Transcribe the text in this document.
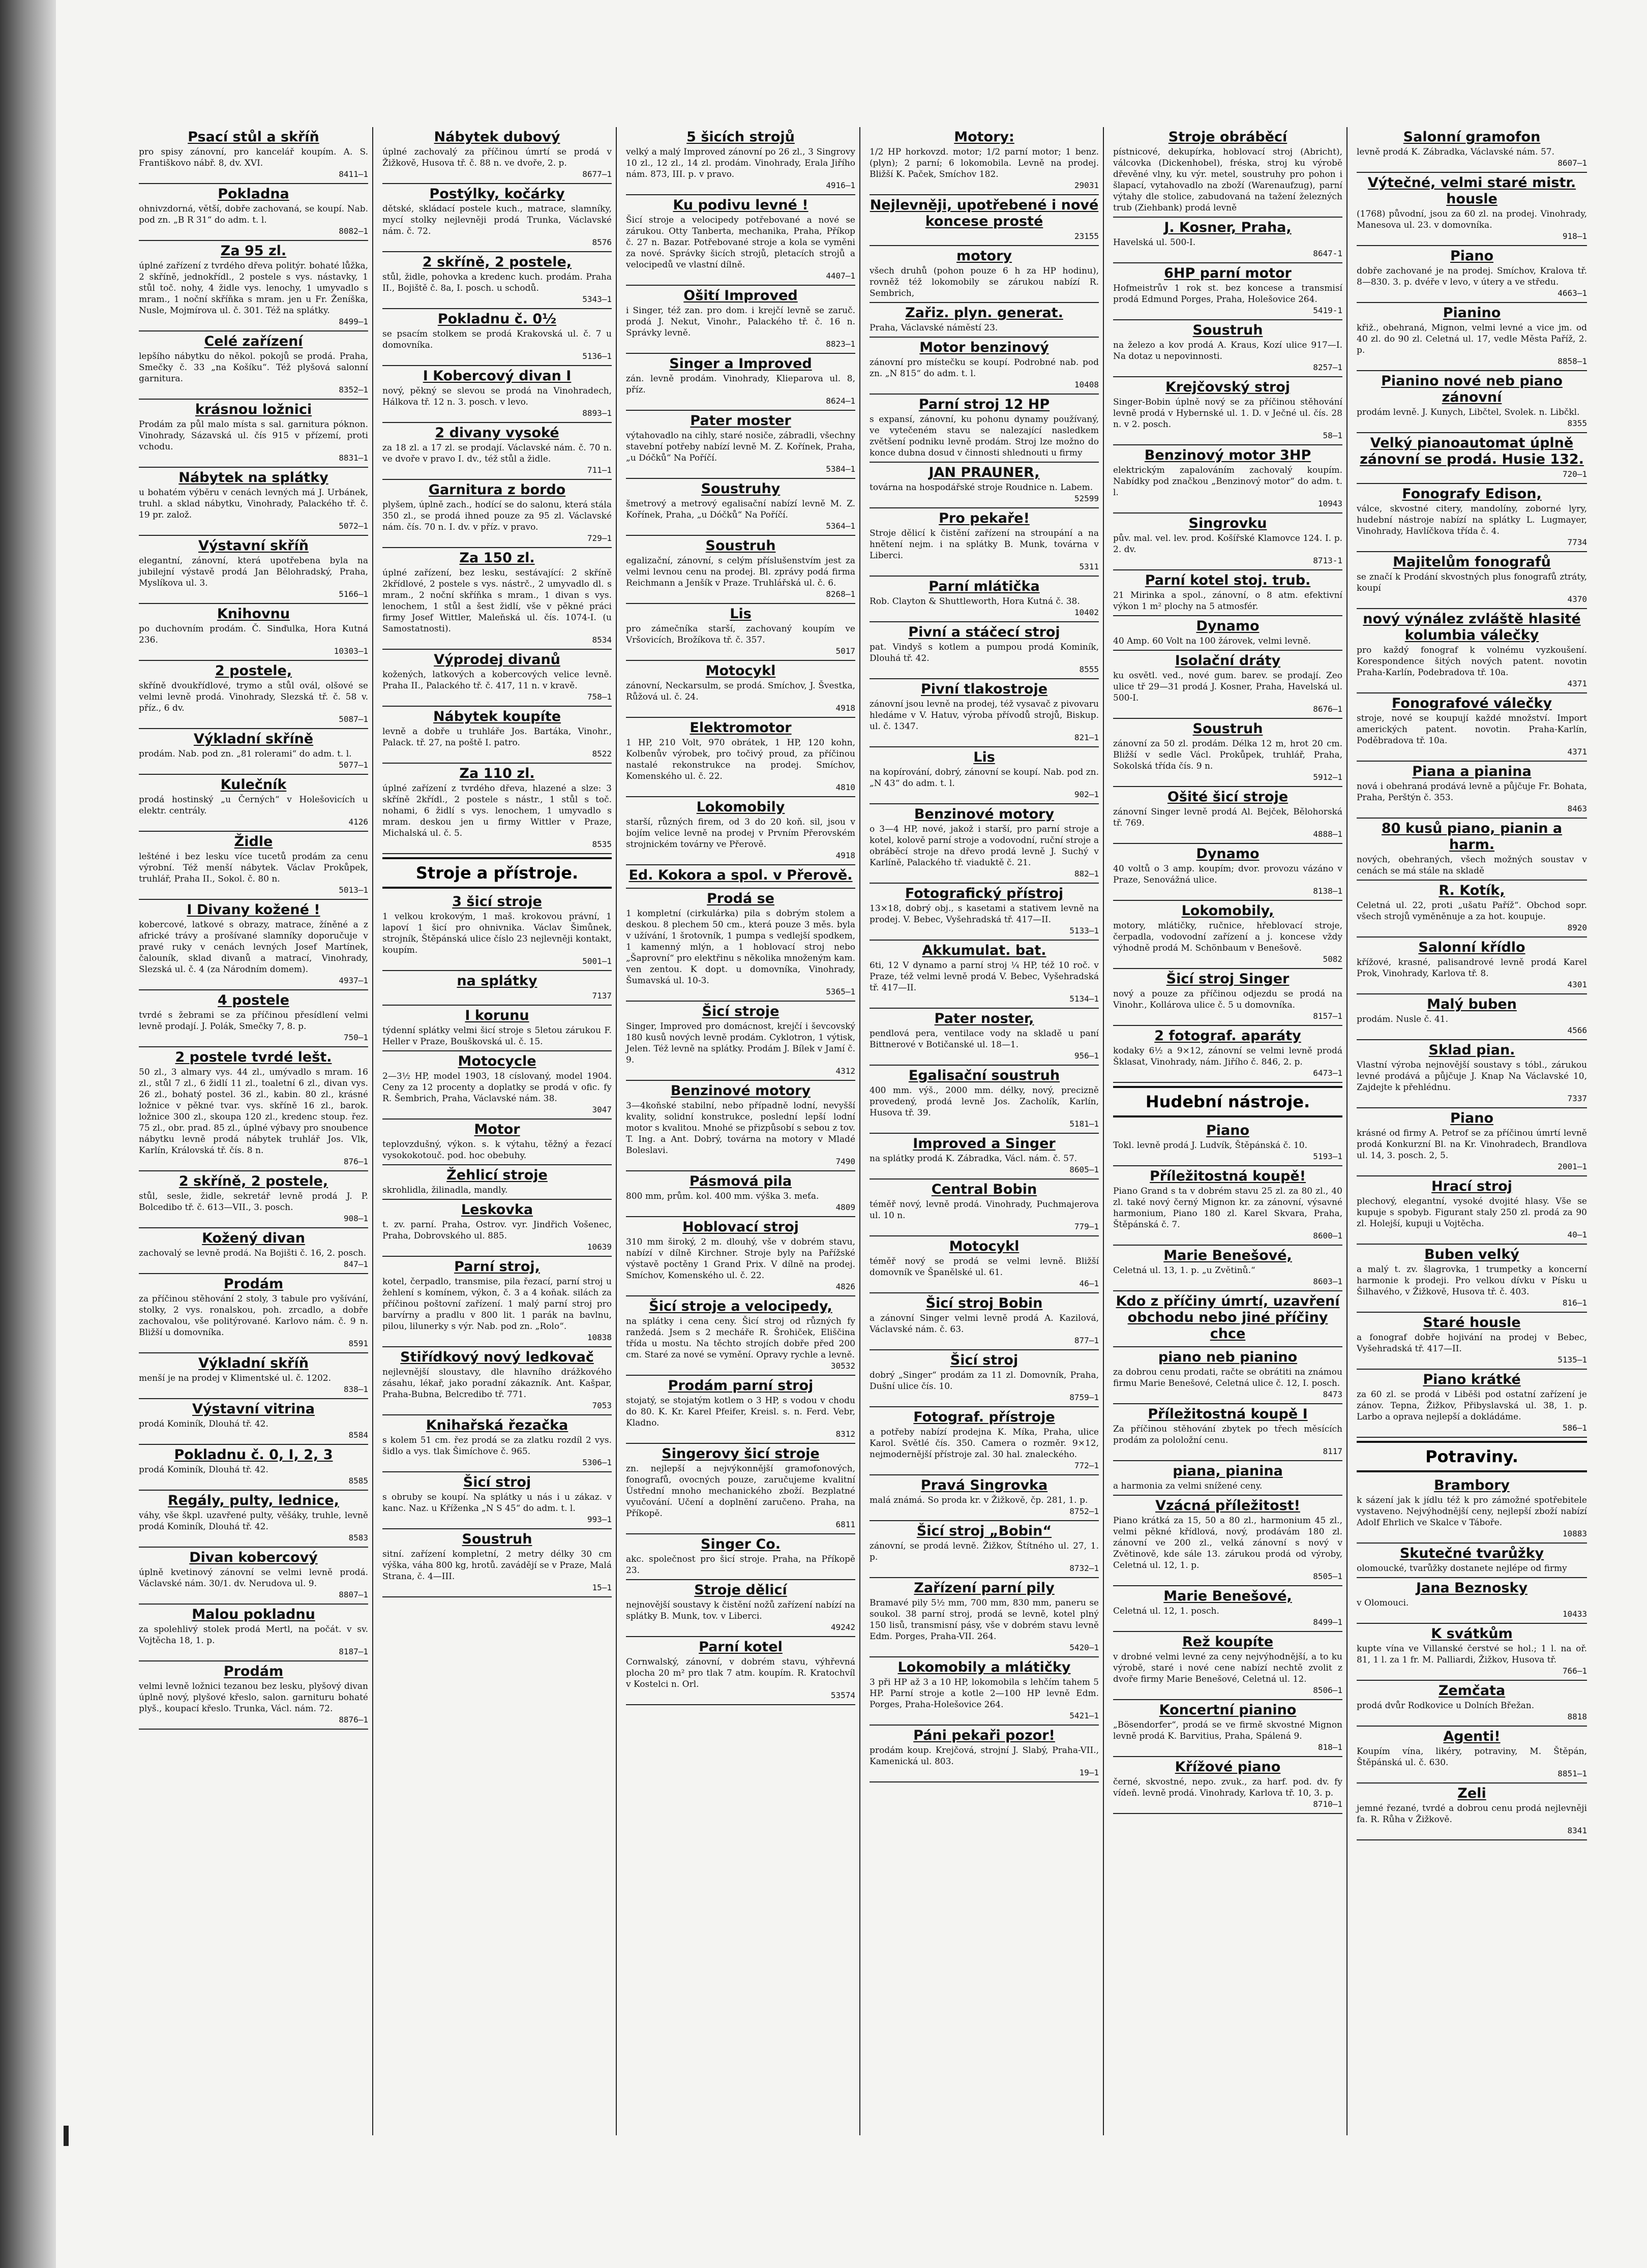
Psací stůl a skříň
pro spisy zánovní, pro kancelář koupím. A. S. Františkovo nábř. 8, dv. XVI.
8411—1
Pokladna
ohnivzdorná, větší, dobře zachovaná, se koupí. Nab. pod zn. „B R 31“ do adm. t. l.
8082—1
Za 95 zl.
úplné zařízení z tvrdého dřeva politýr. bohaté lůžka, 2 skříně, jednokřídl., 2 postele s vys. nástavky, 1 stůl toč. nohy, 4 židle vys. lenochy, 1 umyvadlo s mram., 1 noční skříňka s mram. jen u Fr. Ženíška, Nusle, Mojmírova ul. č. 301. Též na splátky.
8499—1
Celé zařízení
lepšího nábytku do někol. pokojů se prodá. Praha, Smečky č. 33 „na Košíku“. Též plyšová salonní garnitura.
8352—1
krásnou ložnici
Prodám za půl malo místa s sal. garnitura póknon. Vinohrady, Sázavská ul. čís 915 v přízemí, proti vchodu.
8831—1
Nábytek na splátky
u bohatém výběru v cenách levných má J. Urbánek, truhl. a sklad nábytku, Vinohrady, Palackého tř. č. 19 pr. založ.
5072—1
Výstavní skříň
elegantní, zánovní, která upotřebena byla na jubilejní výstavě prodá Jan Bělohradský, Praha, Myslíkova ul. 3.
5166—1
Knihovnu
po duchovním prodám. Č. Sinďulka, Hora Kutná 236.
10303—1
2 postele,
skříně dvoukřídlové, trymo a stůl ovál, olšové se velmi levně prodá. Vinohrady, Slezská tř. č. 58 v. příz., 6 dv.
5087—1
Výkladní skříně
prodám. Nab. pod zn. „81 rolerami“ do adm. t. l.
5077—1
Kulečník
prodá hostinský „u Černých“ v Holešovicích u elektr. centrály.
4126
Židle
lešténé i bez lesku více tucetů prodám za cenu výrobní. Též menší nábytek. Václav Prokůpek, truhlář, Praha II., Sokol. č. 80 n.
5013—1
I Divany kožené !
kobercové, latkové s obrazy, matrace, žíněné a z africké trávy a prošívané slamníky doporučuje v pravé ruky v cenách levných Josef Martínek, čalouník, sklad divanů a matrací, Vinohrady, Slezská ul. č. 4 (za Národním domem).
4937—1
4 postele
tvrdé s žebrami se za příčinou přesídlení velmi levně prodají. J. Polák, Smečky 7, 8. p.
750—1
2 postele tvrdé lešt.
50 zl., 3 almary vys. 44 zl., umývadlo s mram. 16 zl., stůl 7 zl., 6 židlí 11 zl., toaletní 6 zl., divan vys. 26 zl., bohatý postel. 36 zl., kabin. 80 zl., krásné ložnice v pěkné tvar. vys. skříně 16 zl., barok. ložnice 300 zl., skoupa 120 zl., kredenc stoup. řez. 75 zl., obr. prad. 85 zl., úplné výbavy pro snoubence nábytku levně prodá nábytek truhlář Jos. Vlk, Karlín, Královská tř. čís. 8 n.
876—1
2 skříně, 2 postele,
stůl, sesle, židle, sekretář levně prodá J. P. Bolcedibo tř. č. 613—VII., 3. posch.
908—1
Kožený divan
zachovalý se levně prodá. Na Bojišti č. 16, 2. posch.
847—1
Prodám
za příčinou stěhování 2 stoly, 3 tabule pro vyšívání, stolky, 2 vys. ronalskou, poh. zrcadlo, a dobře zachovalou, vše politýrované. Karlovo nám. č. 9 n. Bližší u domovníka.
8591
Výkladní skříň
menší je na prodej v Klimentské ul. č. 1202.
838—1
Výstavní vitrina
prodá Kominík, Dlouhá tř. 42.
8584
Pokladnu č. 0, I, 2, 3
prodá Kominík, Dlouhá tř. 42.
8585
Regály, pulty, lednice,
váhy, vše škpl. uzavřené pulty, věšáky, truhle, levně prodá Kominík, Dlouhá tř. 42.
8583
Divan kobercový
úplně kvetinový zánovní se velmi levně prodá. Václavské nám. 30/1. dv. Nerudova ul. 9.
8807—1
Malou pokladnu
za spolehlivý stolek prodá Mertl, na počát. v sv. Vojtěcha 18, 1. p.
8187—1
Prodám
velmi levně ložnici tezanou bez lesku, plyšový divan úplně nový, plyšové křeslo, salon. garnituru bohaté plyš., koupací křeslo. Trunka, Václ. nám. 72.
8876—1
Nábytek dubový
úplné zachovalý za příčinou úmrtí se prodá v Žižkově, Husova tř. č. 88 n. ve dvoře, 2. p.
8677—1
Postýlky, kočárky
dětské, skládací postele kuch., matrace, slamníky, mycí stolky nejlevněji prodá Trunka, Václavské nám. č. 72.
8576
2 skříně, 2 postele,
stůl, židle, pohovka a kredenc kuch. prodám. Praha II., Bojiště č. 8a, I. posch. u schodů.
5343—1
Pokladnu č. 0½
se psacím stolkem se prodá Krakovská ul. č. 7 u domovníka.
5136—1
I Kobercový divan I
nový, pěkný se slevou se prodá na Vinohradech, Hálkova tř. 12 n. 3. posch. v levo.
8893—1
2 divany vysoké
za 18 zl. a 17 zl. se prodají. Václavské nám. č. 70 n. ve dvoře v pravo I. dv., též stůl a židle.
711—1
Garnitura z bordo
plyšem, úplně zach., hodící se do salonu, která stála 350 zl., se prodá ihned pouze za 95 zl. Václavské nám. čís. 70 n. I. dv. v příz. v pravo.
729—1
Za 150 zl.
úplné zařízení, bez lesku, sestávající: 2 skříně 2křídlové, 2 postele s vys. nástrč., 2 umyvadlo dl. s mram., 2 noční skříňka s mram., 1 divan s vys. lenochem, 1 stůl a šest židlí, vše v pěkné práci firmy Josef Wittler, Maleňská ul. čís. 1074-I. (u Samostatnosti).
8534
Výprodej divanů
kožených, latkových a kobercových velice levně. Praha II., Palackého tř. č. 417, 11 n. v kravě.
758—1
Nábytek koupíte
levně a dobře u truhláře Jos. Bartáka, Vinohr., Palack. tř. 27, na poště I. patro.
8522
Za 110 zl.
úplné zařízení z tvrdého dřeva, hlazené a slze: 3 skříně 2křídl., 2 postele s nástr., 1 stůl s toč. nohami, 6 židlí s vys. lenochem, 1 umyvadlo s mram. deskou jen u firmy Wittler v Praze, Michalská ul. č. 5.
8535
Stroje a přístroje.
3 šicí stroje
1 velkou krokovým, 1 maš. krokovou právní, 1 lapoví 1 šicí pro ohnivnika. Václav Šimůnek, strojník, Štěpánská ulice číslo 23 nejlevněji kontakt, koupím.
5001—1
na splátky
7137
I korunu
týdenní splátky velmi šicí stroje s 5letou zárukou F. Heller v Praze, Bouškovská ul. č. 15.
Motocycle
2—3½ HP, model 1903, 18 císlovaný, model 1904. Ceny za 12 procenty a doplatky se prodá v ofic. fy R. Šembrich, Praha, Václavské nám. 38.
3047
Motor
teplovzdušný, výkon. s. k výtahu, těžný a řezací vysokokotouč. pod. hoc obebuhy.
Žehlicí stroje
skrohlidla, žilinadla, mandly.
Leskovka
t. zv. parní. Praha, Ostrov. vyr. Jindřich Vošenec, Praha, Dobrovského ul. 885.
10639
Parní stroj,
kotel, čerpadlo, transmise, pila řezací, parní stroj u žehlení s komínem, výkon, č. 3 a 4 koňak. silách za příčinou poštovní zařízení. 1 malý parní stroj pro barvírny a pradlu v 800 lit. 1 parák na bavlnu, pilou, lilunerky s výr. Nab. pod zn. „Rolo“.
10838
Stiřídkový nový ledkovač
nejlevnější sloustavy, dle hlavního drážkového zásahu, lékař, jako poradní zákazník. Ant. Kašpar, Praha-Bubna, Belcredibo tř. 771.
7053
Knihařská řezačka
s kolem 51 cm. řez prodá se za zlatku rozdíl 2 vys. šidlo a vys. tlak Šimíchove č. 965.
5306—1
Šicí stroj
s obruby se koupí. Na splátky u nás i u zákaz. v kanc. Naz. u Kříženka „N S 45“ do adm. t. l.
993—1
Soustruh
sitní. zařízení kompletní, 2 metry délky 30 cm výška, váha 800 kg, hrotů. zavádějí se v Praze, Malá Strana, č. 4—III.
15—1
5 šicích strojů
velký a malý Improved zánovní po 26 zl., 3 Singrovy 10 zl., 12 zl., 14 zl. prodám. Vinohrady, Erala Jiřího nám. 873, III. p. v pravo.
4916—1
Ku podivu levné !
Šicí stroje a velocipedy potřebované a nové se zárukou. Otty Tanberta, mechanika, Praha, Příkop č. 27 n. Bazar. Potřebované stroje a kola se vyměni za nové. Správky šicích strojů, pletacích strojů a velocipedů ve vlastní dílně.
4407—1
Ošití Improved
i Singer, též zan. pro dom. i krejčí levně se zaruč. prodá J. Nekut, Vinohr., Palackého tř. č. 16 n. Správky levně.
8823—1
Singer a Improved
zán. levně prodám. Vinohrady, Klieparova ul. 8, příz.
8624—1
Pater moster
výtahovadlo na cihly, staré nosiče, zábradli, všechny stavební potřeby nabízí levně M. Z. Kořínek, Praha, „u Dóčků“ Na Poříčí.
5384—1
Soustruhy
šmetrový a metrový egalisační nabízí levně M. Z. Kořínek, Praha, „u Dóčků“ Na Poříčí.
5364—1
Soustruh
egalizační, zánovní, s celým příslušenstvím jest za velmi levnou cenu na prodej. Bl. zprávy podá firma Reichmann a Jenšík v Praze. Truhlářská ul. č. 6.
8268—1
Lis
pro zámečníka starší, zachovaný koupím ve Vršovicích, Brožíkova tř. č. 357.
5017
Motocykl
zánovní, Neckarsulm, se prodá. Smíchov, J. Švestka, Růžová ul. č. 24.
4918
Elektromotor
1 HP, 210 Volt, 970 obrátek, 1 HP, 120 kohn, Kolbenův výrobek, pro točivý proud, za příčinou nastalé rekonstrukce na prodej. Smíchov, Komenského ul. č. 22.
4810
Lokomobily
starší, různých firem, od 3 do 20 koň. sil, jsou v bojím velice levně na prodej v Prvním Přerovském strojnickém továrny ve Přerově.
4918
Ed. Kokora a spol. v Přerově.
Prodá se
1 kompletní (cirkulárka) pila s dobrým stolem a deskou. 8 plechem 50 cm., která pouze 3 měs. byla v užívání, 1 šrotovník, 1 pumpa s vedlejší spodkem, 1 kamenný mlýn, a 1 hoblovací stroj nebo „Šaprovní“ pro elektřinu s několika množeným kam. ven zentou. K dopt. u domovníka, Vinohrady, Šumavská ul. 10-3.
5365—1
Šicí stroje
Singer, Improved pro domácnost, krejčí i ševcovský 180 kusů nových levně prodám. Cyklotron, 1 výtisk, Jelen. Též levně na splátky. Prodám J. Bílek v Jamí č. 9.
4312
Benzinové motory
3—4koňské stabilní, nebo případně lodní, nevyšší kvality, solidní konstrukce, poslední lepší lodní motor s kvalitou. Mnohé se přizpůsobí s sebou z tov. T. Ing. a Ant. Dobrý, továrna na motory v Mladé Boleslavi.
7490
Pásmová pila
800 mm, prům. kol. 400 mm. výška 3. meťa.
4809
Hoblovací stroj
310 mm široký, 2 m. dlouhý, vše v dobrém stavu, nabízí v dílně Kirchner. Stroje byly na Pařížské výstavě poctěny 1 Grand Prix. V dílně na prodej. Smíchov, Komenského ul. č. 22.
4826
Šicí stroje a velocipedy,
na splátky i cena ceny. Šicí stroj od různých fy ranžedá. Jsem s 2 mecháře R. Šrohiček, Eliščina třída u mostu. Na těchto strojích dobře před 200 cm. Staré za nové se vymění. Opravy rychle a levně.
30532
Prodám parní stroj
stojatý, se stojatým kotlem o 3 HP, s vodou v chodu do 80. K. Kr. Karel Pfeifer, Kreisl. s. n. Ferd. Vebr, Kladno.
8312
Singerovy šicí stroje
zn. nejlepší a nejvýkonnější gramofonových, fonografů, ovocných pouze, zaručujeme kvalitní Ústřední mnoho mechanického zboží. Bezplatné vyučování. Učení a doplnění zaručeno. Praha, na Příkopě.
6811
Singer Co.
akc. společnost pro šicí stroje. Praha, na Příkopě 23.
Stroje dělicí
nejnovější soustavy k čistění nožů zařízení nabízí na splátky B. Munk, tov. v Liberci.
49242
Parní kotel
Cornwalský, zánovní, v dobrém stavu, výhřevná plocha 20 m² pro tlak 7 atm. koupím. R. Kratochvíl v Kostelci n. Orl.
53574
Motory:
1/2 HP horkovzd. motor; 1/2 parní motor; 1 benz. (plyn); 2 parní; 6 lokomobila. Levně na prodej. Bližší K. Paček, Smíchov 182.
29031
Nejlevněji, upotřebené i nové koncese prosté
23155
motory
všech druhů (pohon pouze 6 h za HP hodinu), rovněž též lokomobily se zárukou nabízí R. Sembrich,
Zařiz. plyn. generat.
Praha, Václavské náměstí 23.
Motor benzinový
zánovní pro místečku se koupí. Podrobné nab. pod zn. „N 815“ do adm. t. l.
10408
Parní stroj 12 HP
s expansí, zánovní, ku pohonu dynamy používaný, ve vytečeném stavu se nalezající nasledkem zvětšení podniku levně prodám. Stroj lze možno do konce dubna dosud v činnosti shlednouti u firmy
JAN PRAUNER,
továrna na hospodářské stroje Roudnice n. Labem.
52599
Pro pekaře!
Stroje dělicí k čistění zařízení na stroupání a na hnětení nejm. i na splátky B. Munk, továrna v Liberci.
5311
Parní mlátička
Rob. Clayton & Shuttleworth, Hora Kutná č. 38.
10402
Pivní a stáčecí stroj
pat. Vindyš s kotlem a pumpou prodá Kominík, Dlouhá tř. 42.
8555
Pivní tlakostroje
zánovní jsou levně na prodej, též vysavač z pivovaru hledáme v V. Hatuv, výroba přívodů strojů, Biskup. ul. č. 1347.
821—1
Lis
na kopírování, dobrý, zánovní se koupí. Nab. pod zn. „N 43“ do adm. t. l.
902—1
Benzinové motory
o 3—4 HP, nové, jakož i starší, pro parní stroje a kotel, kolově parní stroje a vodovodní, ruční stroje a obráběcí stroje na dřevo prodá levně J. Suchý v Karlíně, Palackého tř. viaduktě č. 21.
882—1
Fotografický přístroj
13×18, dobrý obj., s kasetami a stativem levně na prodej. V. Bebec, Vyšehradská tř. 417—II.
5133—1
Akkumulat. bat.
6ti, 12 V dynamo a parní stroj ¼ HP, též 10 roč. v Praze, též velmi levně prodá V. Bebec, Vyšehradská tř. 417—II.
5134—1
Pater noster,
pendlová pera, ventilace vody na skladě u paní Bittnerové v Botičanské ul. 18—1.
956—1
Egalisační soustruh
400 mm. výš., 2000 mm. délky, nový, precizně provedený, prodá levně Jos. Zacholík, Karlín, Husova tř. 39.
5181—1
Improved a Singer
na splátky prodá K. Zábradka, Václ. nám. č. 57.
8605—1
Central Bobin
téměř nový, levně prodá. Vinohrady, Puchmajerova ul. 10 n.
779—1
Motocykl
téměř nový se prodá se velmi levně. Bližší domovník ve Španělské ul. 61.
46—1
Šicí stroj Bobin
a zánovní Singer velmi levně prodá A. Kazilová, Václavské nám. č. 63.
877—1
Šicí stroj
dobrý „Singer“ prodám za 11 zl. Domovník, Praha, Dušní ulice čís. 10.
8759—1
Fotograf. přístroje
a potřeby nabízí prodejna K. Míka, Praha, ulice Karol. Světlé čís. 350. Camera o rozměr. 9×12, nejmodernější přístroje zal. 30 hal. znaleckého.
772—1
Pravá Singrovka
malá známá. So proda kr. v Žižkově, čp. 281, 1. p.
8752—1
Šicí stroj „Bobin“
zánovní, se prodá levně. Žižkov, Štítného ul. 27, 1. p.
8732—1
Zařízení parní pily
Bramavé pily 5½ mm, 700 mm, 830 mm, paneru se soukol. 38 parní stroj, prodá se levně, kotel plný 150 lisů, transmisní pásy, vše v dobrém stavu levně Edm. Porges, Praha-VII. 264.
5420—1
Lokomobily a mlátičky
3 při HP až 3 a 10 HP, lokomobila s lehčím tahem 5 HP. Parní stroje a kotle 2—100 HP levně Edm. Porges, Praha-Holešovice 264.
5421—1
Páni pekaři pozor!
prodám koup. Krejčová, strojní J. Slabý, Praha-VII., Kamenická ul. 803.
19—1
Stroje obráběcí
pístnicové, dekupírka, hoblovací stroj (Abricht), válcovka (Dickenhobel), fréska, stroj ku výrobě dřevěné vlny, ku výr. metel, soustruhy pro pohon i šlapací, vytahovadlo na zboží (Warenaufzug), parní výtahy dle stolice, zabudovaná na tažení železných trub (Ziehbank) prodá levně
J. Kosner, Praha,
Havelská ul. 500-I.
8647-1
6HP parní motor
Hofmeistrův 1 rok st. bez koncese a transmisí prodá Edmund Porges, Praha, Holešovice 264.
5419-1
Soustruh
na železo a kov prodá A. Kraus, Kozí ulice 917—I. Na dotaz u nepovinnosti.
8257—1
Krejčovský stroj
Singer-Bobin úplně nový se za příčinou stěhování levně prodá v Hybernské ul. 1. D. v Ječné ul. čís. 28 n. v 2. posch.
58—1
Benzinový motor 3HP
elektrickým zapalováním zachovalý koupím. Nabídky pod značkou „Benzinový motor“ do adm. t. l.
10943
Singrovku
pův. mal. vel. lev. prod. Košířské Klamovce 124. I. p. 2. dv.
8713-1
Parní kotel stoj. trub.
21 Mirinka a spol., zánovní, o 8 atm. efektivní výkon 1 m² plochy na 5 atmosfér.
Dynamo
40 Amp. 60 Volt na 100 žárovek, velmi levně.
Isolační dráty
ku osvětl. ved., nové gum. barev. se prodají. Zeo ulice tř 29—31 prodá J. Kosner, Praha, Havelská ul. 500-I.
8676—1
Soustruh
zánovní za 50 zl. prodám. Délka 12 m, hrot 20 cm. Bližší v sedle Václ. Prokůpek, truhlář, Praha, Sokolská třída čís. 9 n.
5912—1
Ošité šicí stroje
zánovní Singer levně prodá Al. Bejček, Bělohorská tř. 769.
4888—1
Dynamo
40 voltů o 3 amp. koupím; dvor. provozu vázáno v Praze, Senovážná ulice.
8138—1
Lokomobily,
motory, mlátičky, ručnice, hřeblovací stroje, čerpadla, vodovodní zařízení a j. koncese vždy výhodně prodá M. Schönbaum v Benešově.
5082
Šicí stroj Singer
nový a pouze za příčinou odjezdu se prodá na Vinohr., Kollárova ulice č. 5 u domovníka.
8157—1
2 fotograf. aparáty
kodaky 6½ a 9×12, zánovní se velmi levně prodá Šklasat, Vinohrady, nám. Jiřího č. 846, 2. p.
6473—1
Hudební nástroje.
Piano
Tokl. levně prodá J. Ludvík, Štěpánská č. 10.
5193—1
Příležitostná koupě!
Piano Grand s ta v dobrém stavu 25 zl. za 80 zl., 40 zl. také nový černý Mignon kr. za zánovní, výsavné harmonium, Piano 180 zl. Karel Skvara, Praha, Štěpánská č. 7.
8600—1
Marie Benešové,
Celetná ul. 13, 1. p. „u Zvětinů.“
8603—1
Kdo z příčiny úmrtí, uzavření obchodu nebo jiné příčiny chce
piano neb pianino
za dobrou cenu prodati, račte se obrátiti na známou firmu Marie Benešové, Celetná ulice č. 12, I. posch.
8473
Příležitostná koupě I
Za příčinou stěhování zbytek po třech měsících prodám za pololožní cenu.
8117
piana, pianina
a harmonia za velmi snížené ceny.
Vzácná příležitost!
Piano krátká za 15, 50 a 80 zl., harmonium 45 zl., velmi pěkné křídlová, nový, prodávám 180 zl. zánovní ve 200 zl., velká zánovní s nový v Zvětinově, kde sále 13. zárukou prodá od výroby, Celetná ul. 12, 1. p.
8505—1
Marie Benešové,
Celetná ul. 12, 1. posch.
8499—1
Rež koupíte
v drobné velmi levné za ceny nejvýhodnější, a to ku výrobě, staré i nové cene nabízí nechtě zvolit z dvoře firmy Marie Benešové, Celetná ul. 12.
8506—1
Koncertní pianino
„Bösendorfer“, prodá se ve firmě skvostné Mignon levně prodá K. Barvitius, Praha, Spálená 9.
818—1
Křížové piano
černé, skvostné, nepo. zvuk., za harf. pod. dv. fy vídeň. levně prodá. Vinohrady, Karlova tř. 10, 3. p.
8710—1
Salonní gramofon
levně prodá K. Zábradka, Václavské nám. 57.
8607—1
Výtečné, velmi staré mistr. housle
(1768) původní, jsou za 60 zl. na prodej. Vinohrady, Manesova ul. 23. v domovníka.
918—1
Piano
dobře zachované je na prodej. Smíchov, Kralova tř. 8—830. 3. p. dvéře v levo, v útery a ve středu.
4663—1
Pianino
křiž., obehraná, Mignon, velmi levné a vice jm. od 40 zl. do 90 zl. Celetná ul. 17, vedle Města Paříž, 2. p.
8858—1
Pianino nové neb piano zánovní
prodám levně. J. Kunych, Libčtel, Svolek. n. Libčkl.
8355
Velký pianoautomat úplně zánovní se prodá. Husie 132.
720—1
Fonografy Edison,
válce, skvostné citery, mandolíny, zoborné lyry, hudební nástroje nabízí na splátky L. Lugmayer, Vinohrady, Havlíčkova třída č. 4.
7734
Majitelům fonografů
se značí k Prodání skvostných plus fonografů ztráty, koupí
4370
nový výnález zvláště hlasité kolumbia válečky
pro každý fonograf k volnému vyzkoušení. Korespondence šitých nových patent. novotin Praha-Karlín, Podebradova tř. 10a.
4371
Fonografové válečky
stroje, nové se koupují každé množství. Import amerických patent. novotin. Praha-Karlín, Poděbradova tř. 10a.
4371
Piana a pianina
nová i obehraná prodává levně a půjčuje Fr. Bohata, Praha, Perštýn č. 353.
8463
80 kusů piano, pianin a harm.
nových, obehraných, všech možných soustav v cenách se má stále na skladě
R. Kotík,
Celetná ul. 22, proti „ušatu Paříž“. Obchod sopr. všech strojů vyměněnuje a za hot. koupuje.
8920
Salonní křídlo
křížové, krasné, palisandrové levně prodá Karel Prok, Vinohrady, Karlova tř. 8.
4301
Malý buben
prodám. Nusle č. 41.
4566
Sklad pian.
Vlastní výroba nejnovější soustavy s tóbl., zárukou levné prodává a půjčuje J. Knap Na Václavské 10, Zajdejte k přehlédnu.
7337
Piano
krásné od firmy A. Petrof se za příčinou úmrtí levně prodá Konkurzní Bl. na Kr. Vinohradech, Brandlova ul. 14, 3. posch. 2, 5.
2001—1
Hrací stroj
plechový, elegantní, vysoké dvojité hlasy. Vše se kupuje s spobyb. Figurant staly 250 zl. prodá za 90 zl. Holejší, kupuji u Vojtěcha.
40—1
Buben velký
a malý t. zv. šlagrovka, 1 trumpetky a koncerní harmonie k prodeji. Pro velkou dívku v Písku u Šilhavého, v Žižkově, Husova tř. č. 403.
816—1
Staré housle
a fonograf dobře hojivání na prodej v Bebec, Vyšehradská tř. 417—II.
5135—1
Piano krátké
za 60 zl. se prodá v Liběši pod ostatní zařízení je zánov. Tepna, Žižkov, Přibyslavská ul. 38, 1. p. Larbo a oprava nejlepší a dokládáme.
586—1
Potraviny.
Brambory
k sázení jak k jídlu též k pro zámožné spotřebitele vystaveno. Nejvýhodnější ceny, nejlepší zboží nabízí Adolf Ehrlich ve Skalce v Táboře.
10883
Skutečné tvarůžky
olomoucké, tvarůžky dostanete nejlépe od firmy
Jana Beznosky
v Olomouci.
10433
K svátkům
kupte vína ve Villanské čerstvé se hol.; 1 l. na oř. 81, 1 l. za 1 fr. M. Palliardi, Žižkov, Husova tř.
766—1
Zemčata
prodá dvůr Rodkovice u Dolních Břežan.
8818
Agenti!
Koupím vína, likéry, potraviny, M. Štěpán, Štěpánská ul. č. 630.
8851—1
Zeli
jemné řezané, tvrdé a dobrou cenu prodá nejlevněji fa. R. Růha v Žižkově.
8341
